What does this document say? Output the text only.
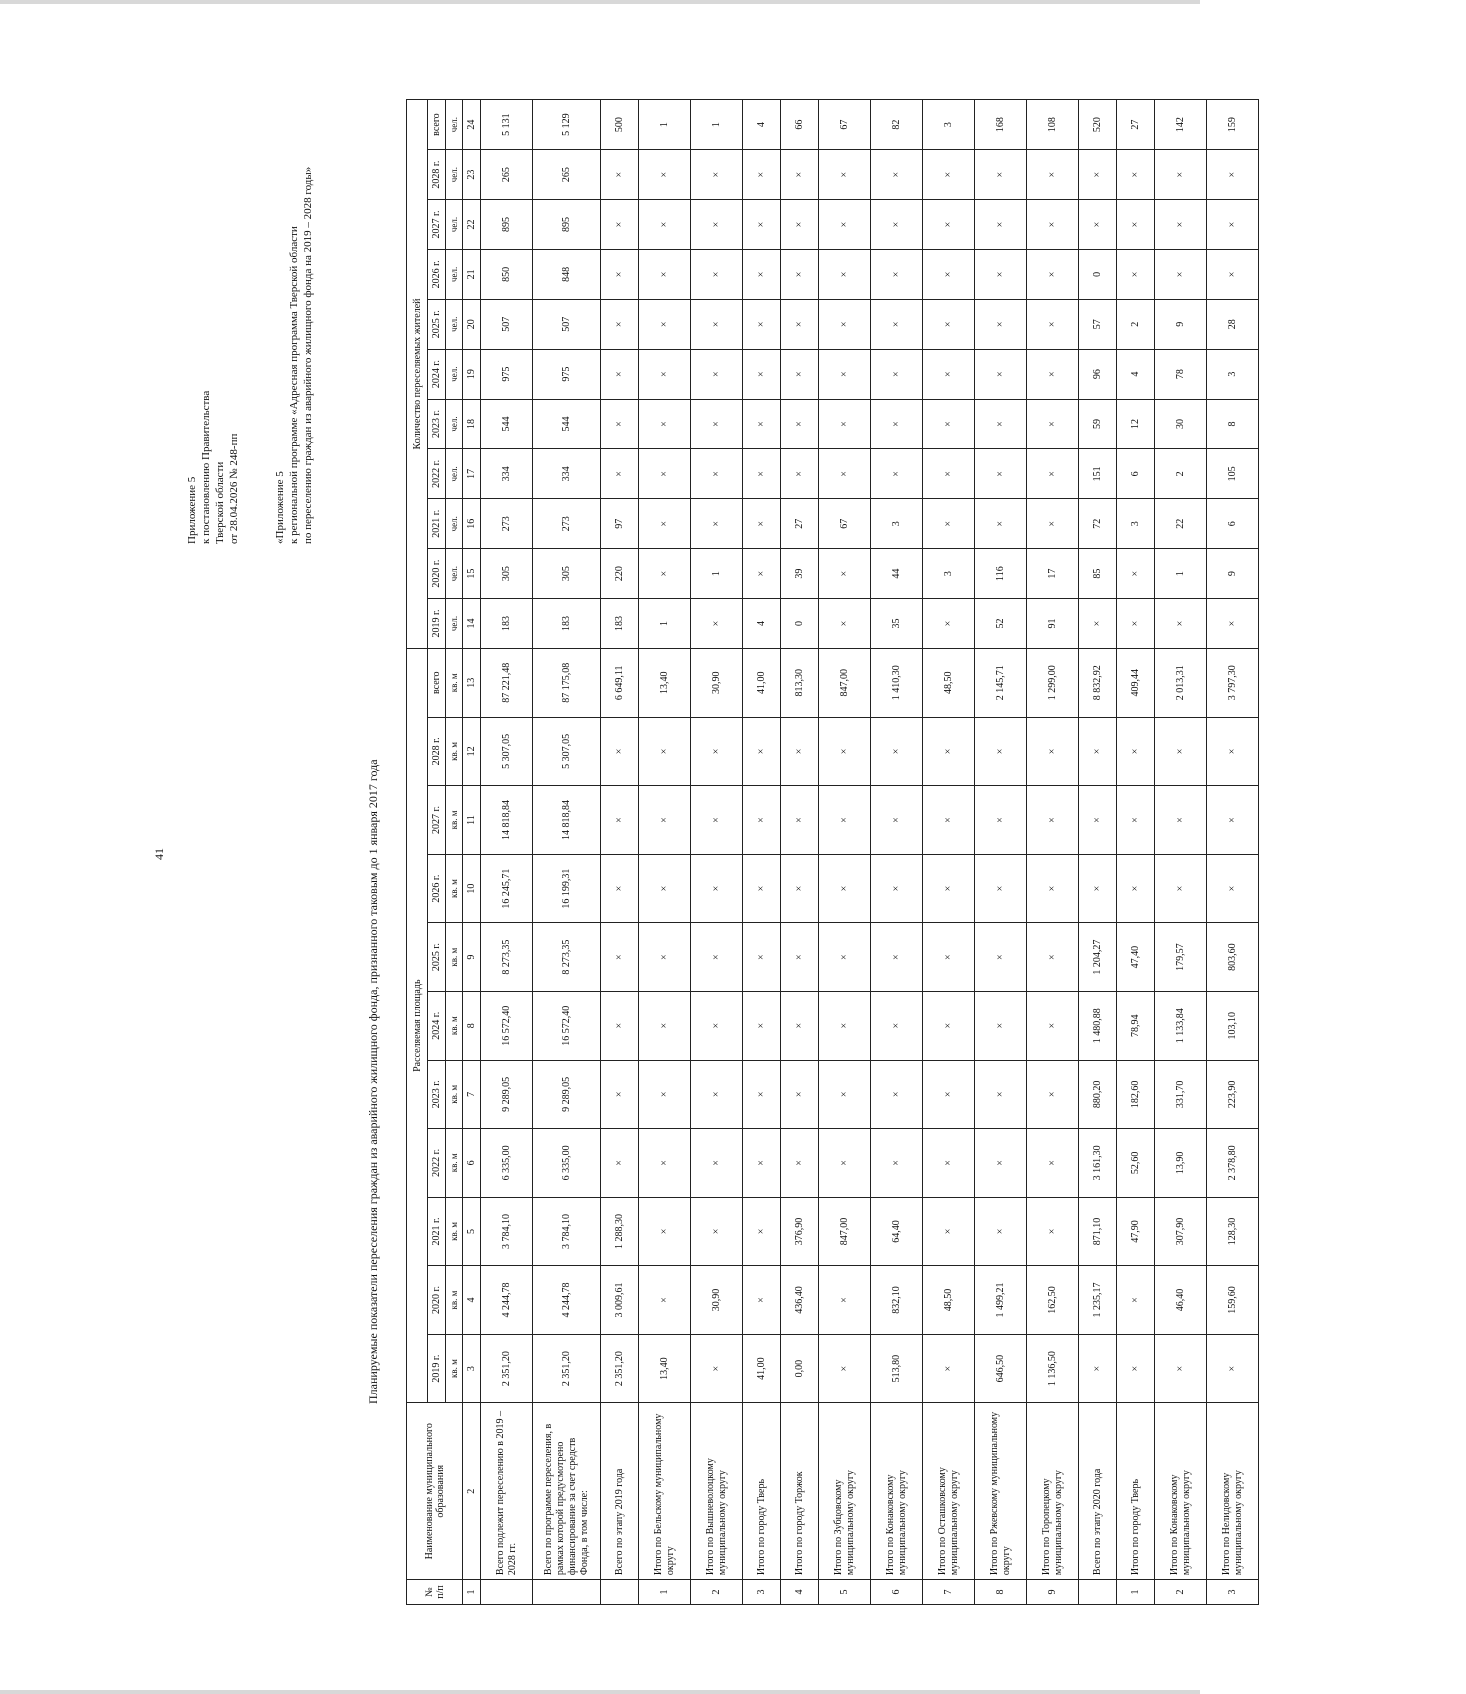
41
Приложение 5 к постановлению Правительства Тверской области от 28.04.2026 № 248-пп	«Приложение 5 к региональной программе «Адресная программа Тверской области по переселению граждан из аварийного жилищного фонда на 2019 – 2028 годы»
Планируемые показатели переселения граждан из аварийного жилищного фонда, признанного таковым до 1 января 2017 года
№ п/п	Наименование муниципального образования	Расселяемая площадь											Количество переселяемых жителей										
		2019 г.	2020 г.	2021 г.	2022 г.	2023 г.	2024 г.	2025 г.	2026 г.	2027 г.	2028 г.	всего	2019 г.	2020 г.	2021 г.	2022 г.	2023 г.	2024 г.	2025 г.	2026 г.	2027 г.	2028 г.	всего
		кв. м	кв. м	кв. м	кв. м	кв. м	кв. м	кв. м	кв. м	кв. м	кв. м	кв. м	чел.	чел.	чел.	чел.	чел.	чел.	чел.	чел.	чел.	чел.	чел.
1	2	3	4	5	6	7	8	9	10	11	12	13	14	15	16	17	18	19	20	21	22	23	24
	Всего подлежит переселению в 2019 – 2028 гг.	2 351,20	4 244,78	3 784,10	6 335,00	9 289,05	16 572,40	8 273,35	16 245,71	14 818,84	5 307,05	87 221,48	183	305	273	334	544	975	507	850	895	265	5 131
	Всего по программе переселения, в рамках которой предусмотрено финансирование за счет средств Фонда, в том числе:	2 351,20	4 244,78	3 784,10	6 335,00	9 289,05	16 572,40	8 273,35	16 199,31	14 818,84	5 307,05	87 175,08	183	305	273	334	544	975	507	848	895	265	5 129
	Всего по этапу 2019 года	2 351,20	3 009,61	1 288,30	×	×	×	×	×	×	×	6 649,11	183	220	97	×	×	×	×	×	×	×	500
1	Итого по Бельскому муниципальному округу	13,40	×	×	×	×	×	×	×	×	×	13,40	1	×	×	×	×	×	×	×	×	×	1
2	Итого по Вышневолоцкому муниципальному округу	×	30,90	×	×	×	×	×	×	×	×	30,90	×	1	×	×	×	×	×	×	×	×	1
3	Итого по городу Тверь	41,00	×	×	×	×	×	×	×	×	×	41,00	4	×	×	×	×	×	×	×	×	×	4
4	Итого по городу Торжок	0,00	436,40	376,90	×	×	×	×	×	×	×	813,30	0	39	27	×	×	×	×	×	×	×	66
5	Итого по Зубцовскому муниципальному округу	×	×	847,00	×	×	×	×	×	×	×	847,00	×	×	67	×	×	×	×	×	×	×	67
6	Итого по Конаковскому муниципальному округу	513,80	832,10	64,40	×	×	×	×	×	×	×	1 410,30	35	44	3	×	×	×	×	×	×	×	82
7	Итого по Осташковскому муниципальному округу	×	48,50	×	×	×	×	×	×	×	×	48,50	×	3	×	×	×	×	×	×	×	×	3
8	Итого по Ржевскому муниципальному округу	646,50	1 499,21	×	×	×	×	×	×	×	×	2 145,71	52	116	×	×	×	×	×	×	×	×	168
9	Итого по Торопецкому муниципальному округу	1 136,50	162,50	×	×	×	×	×	×	×	×	1 299,00	91	17	×	×	×	×	×	×	×	×	108
	Всего по этапу 2020 года	×	1 235,17	871,10	3 161,30	880,20	1 480,88	1 204,27	×	×	×	8 832,92	×	85	72	151	59	96	57	0	×	×	520
1	Итого по городу Тверь	×	×	47,90	52,60	182,60	78,94	47,40	×	×	×	409,44	×	×	3	6	12	4	2	×	×	×	27
2	Итого по Конаковскому муниципальному округу	×	46,40	307,90	13,90	331,70	1 133,84	179,57	×	×	×	2 013,31	×	1	22	2	30	78	9	×	×	×	142
3	Итого по Нелидовскому муниципальному округу	×	159,60	128,30	2 378,80	223,90	103,10	803,60	×	×	×	3 797,30	×	9	6	105	8	3	28	×	×	×	159
